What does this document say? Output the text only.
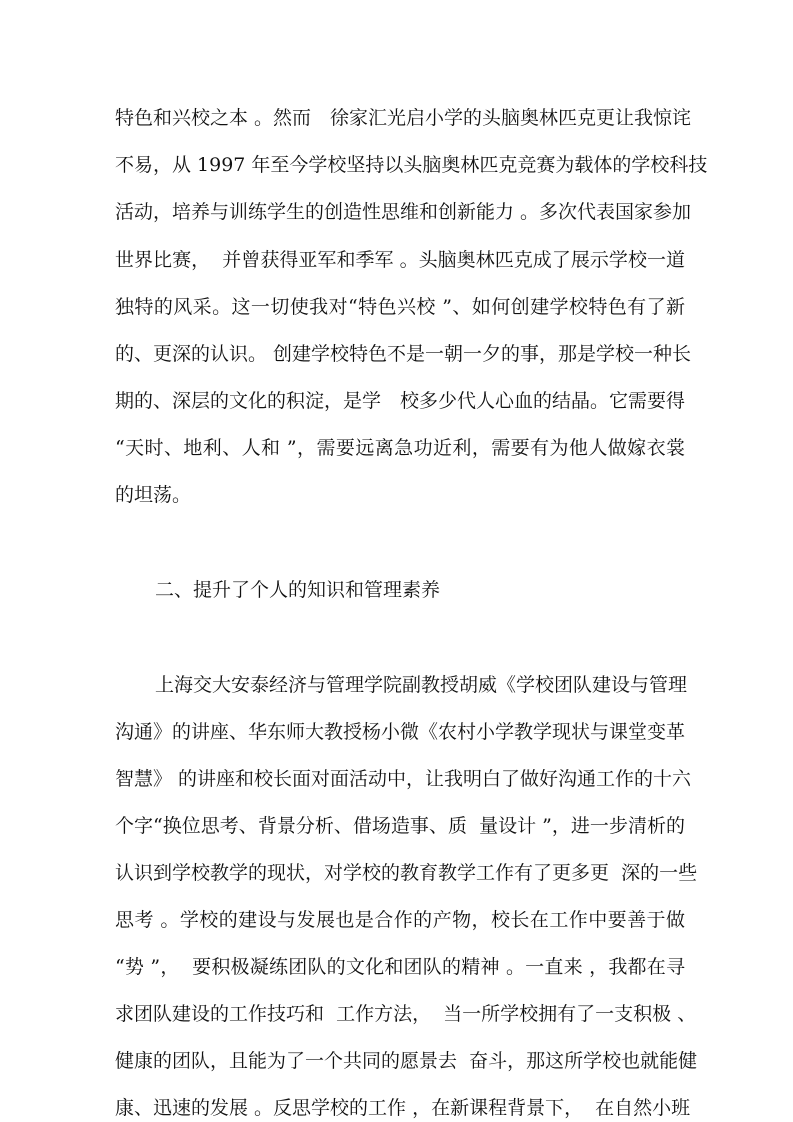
特色和兴校之本 。然而　徐家汇光启小学的头脑奥林匹克更让我惊诧
不易，从 1997 年至今学校坚持以头脑奥林匹克竞赛为载体的学校科技
活动，培养与训练学生的创造性思维和创新能力 。多次代表国家参加
世界比赛，  并曾获得亚军和季军 。头脑奥林匹克成了展示学校一道
独特的风采。这一切使我对“特色兴校 ”、如何创建学校特色有了新
的、更深的认识。 创建学校特色不是一朝一夕的事，那是学校一种长
期的、深层的文化的积淀，是学　校多少代人心血的结晶。它需要得
“天时、地利、人和 ”，需要远离急功近利，需要有为他人做嫁衣裳
的坦荡。
二、提升了个人的知识和管理素养
上海交大安泰经济与管理学院副教授胡威《学校团队建设与管理
沟通》的讲座、华东师大教授杨小微《农村小学教学现状与课堂变革
智慧》 的讲座和校长面对面活动中，让我明白了做好沟通工作的十六
个字“换位思考、背景分析、借场造事、质  量设计 ”，进一步清析的
认识到学校教学的现状，对学校的教育教学工作有了更多更  深的一些
思考 。学校的建设与发展也是合作的产物，校长在工作中要善于做
“势 ”，  要积极凝练团队的文化和团队的精神 。一直来 ，我都在寻
求团队建设的工作技巧和  工作方法，  当一所学校拥有了一支积极 、
健康的团队，且能为了一个共同的愿景去  奋斗，那这所学校也就能健
康、迅速的发展 。反思学校的工作 ，在新课程背景下，  在自然小班
